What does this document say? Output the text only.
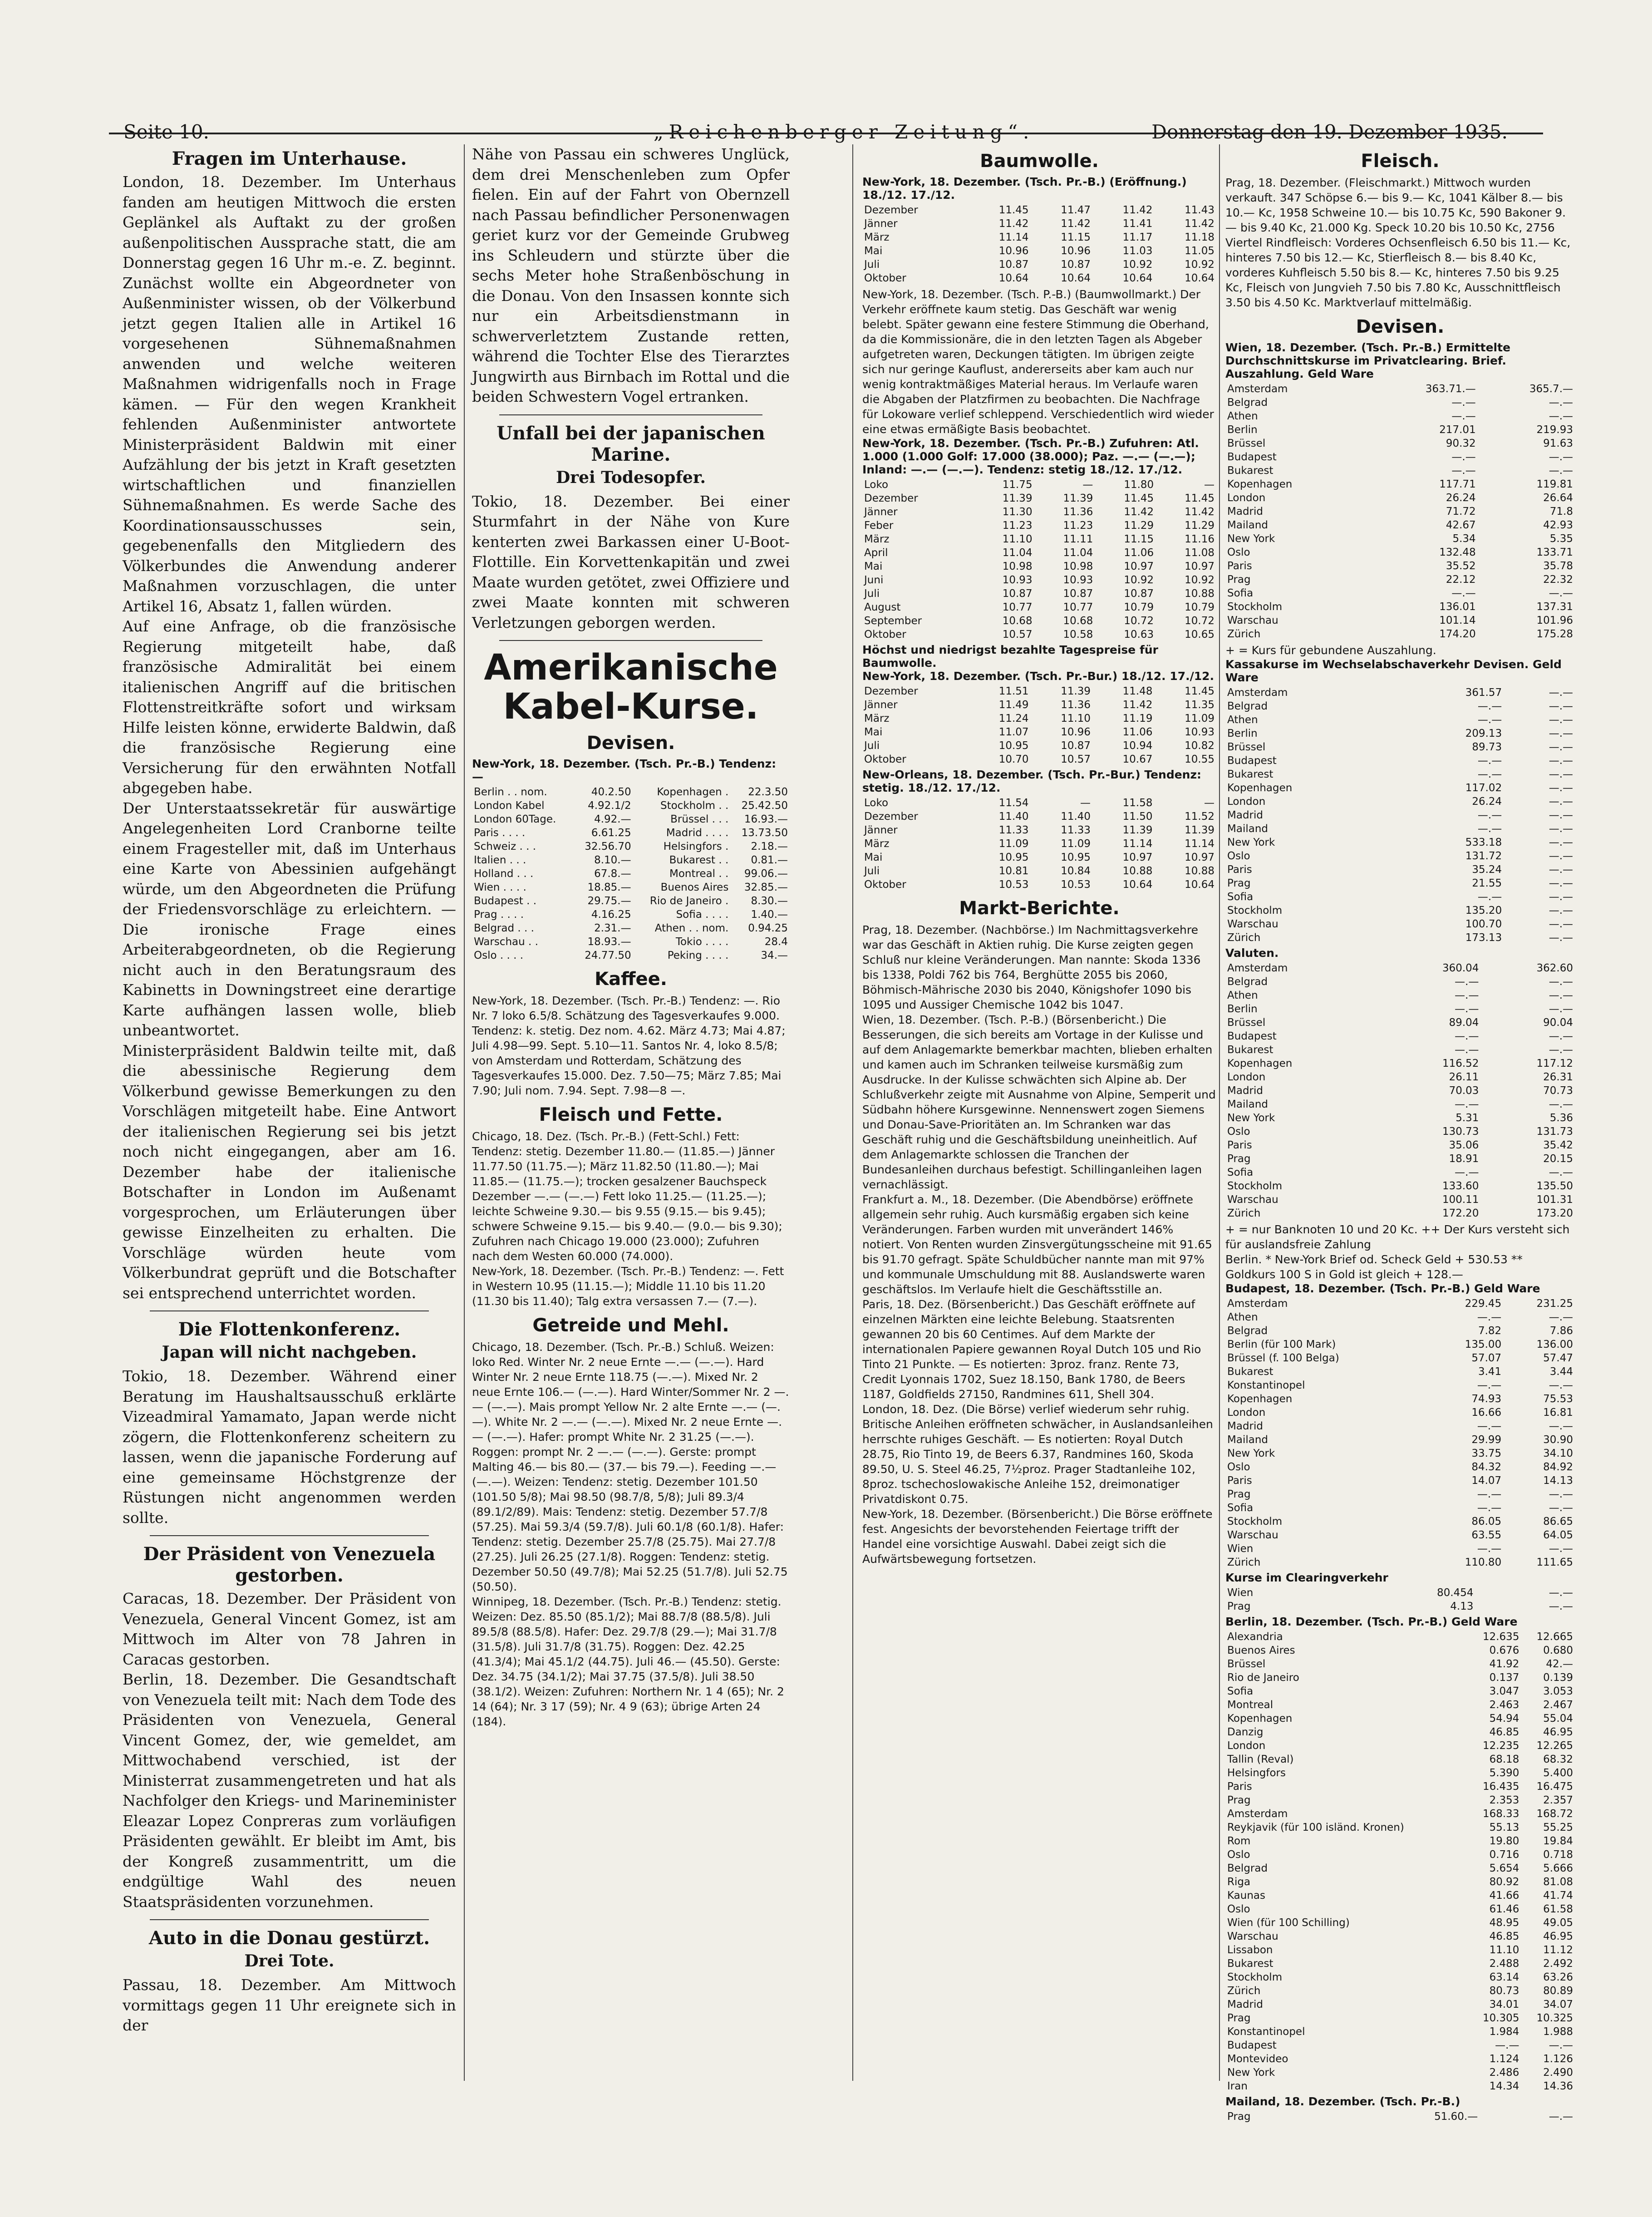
Seite 10.	„Reichenberger Zeitung“.	Donnerstag den 19. Dezember 1935.
Fragen im Unterhause.

London, 18. Dezember. Im Unterhaus fanden am heutigen Mittwoch die ersten Geplänkel als Auftakt zu der großen außenpolitischen Aussprache statt, die am Donnerstag gegen 16 Uhr m.-e. Z. beginnt. Zunächst wollte ein Abgeordneter von Außenminister wissen, ob der Völkerbund jetzt gegen Italien alle in Artikel 16 vorgesehenen Sühnemaßnahmen anwenden und welche weiteren Maßnahmen widrigenfalls noch in Frage kämen. — Für den wegen Krankheit fehlenden Außenminister antwortete Ministerpräsident Baldwin mit einer Aufzählung der bis jetzt in Kraft gesetzten wirtschaftlichen und finanziellen Sühnemaßnahmen. Es werde Sache des Koordinationsausschusses sein, gegebenenfalls den Mitgliedern des Völkerbundes die Anwendung anderer Maßnahmen vorzuschlagen, die unter Artikel 16, Absatz 1, fallen würden.

Auf eine Anfrage, ob die französische Regierung mitgeteilt habe, daß französische Admiralität bei einem italienischen Angriff auf die britischen Flottenstreitkräfte sofort und wirksam Hilfe leisten könne, erwiderte Baldwin, daß die französische Regierung eine Versicherung für den erwähnten Notfall abgegeben habe.

Der Unterstaatssekretär für auswärtige Angelegenheiten Lord Cranborne teilte einem Fragesteller mit, daß im Unterhaus eine Karte von Abessinien aufgehängt würde, um den Abgeordneten die Prüfung der Friedensvorschläge zu erleichtern. — Die ironische Frage eines Arbeiterabgeordneten, ob die Regierung nicht auch in den Beratungsraum des Kabinetts in Downingstreet eine derartige Karte aufhängen lassen wolle, blieb unbeantwortet.

Ministerpräsident Baldwin teilte mit, daß die abessinische Regierung dem Völkerbund gewisse Bemerkungen zu den Vorschlägen mitgeteilt habe. Eine Antwort der italienischen Regierung sei bis jetzt noch nicht eingegangen, aber am 16. Dezember habe der italienische Botschafter in London im Außenamt vorgesprochen, um Erläuterungen über gewisse Einzelheiten zu erhalten. Die Vorschläge würden heute vom Völkerbundrat geprüft und die Botschafter sei entsprechend unterrichtet worden.

Die Flottenkonferenz.
Japan will nicht nachgeben.

Tokio, 18. Dezember. Während einer Beratung im Haushaltsausschuß erklärte Vizeadmiral Yamamato, Japan werde nicht zögern, die Flottenkonferenz scheitern zu lassen, wenn die japanische Forderung auf eine gemeinsame Höchstgrenze der Rüstungen nicht angenommen werden sollte.

Der Präsident von Venezuela gestorben.

Caracas, 18. Dezember. Der Präsident von Venezuela, General Vincent Gomez, ist am Mittwoch im Alter von 78 Jahren in Caracas gestorben.

Berlin, 18. Dezember. Die Gesandtschaft von Venezuela teilt mit: Nach dem Tode des Präsidenten von Venezuela, General Vincent Gomez, der, wie gemeldet, am Mittwochabend verschied, ist der Ministerrat zusammengetreten und hat als Nachfolger den Kriegs- und Marineminister Eleazar Lopez Conpreras zum vorläufigen Präsidenten gewählt. Er bleibt im Amt, bis der Kongreß zusammentritt, um die endgültige Wahl des neuen Staatspräsidenten vorzunehmen.

Auto in die Donau gestürzt.
Drei Tote.

Passau, 18. Dezember. Am Mittwoch vormittags gegen 11 Uhr ereignete sich in der

Nähe von Passau ein schweres Unglück, dem drei Menschenleben zum Opfer fielen. Ein auf der Fahrt von Obernzell nach Passau befindlicher Personenwagen geriet kurz vor der Gemeinde Grubweg ins Schleudern und stürzte über die sechs Meter hohe Straßenböschung in die Donau. Von den Insassen konnte sich nur ein Arbeitsdienstmann in schwerverletztem Zustande retten, während die Tochter Else des Tierarztes Jungwirth aus Birnbach im Rottal und die beiden Schwestern Vogel ertranken.

Unfall bei der japanischen Marine.
Drei Todesopfer.

Tokio, 18. Dezember. Bei einer Sturmfahrt in der Nähe von Kure kenterten zwei Barkassen einer U-Boot-Flottille. Ein Korvettenkapitän und zwei Maate wurden getötet, zwei Offiziere und zwei Maate konnten mit schweren Verletzungen geborgen werden.

Amerikanische Kabel-Kurse.
Devisen.
New-York, 18. Dezember. (Tsch. Pr.-B.) Tendenz: —
Berlin . . nom.	40.2.50	Kopenhagen .	22.3.50
London Kabel	4.92.1/2	Stockholm . .	25.42.50
London 60Tage.	4.92.—	Brüssel . . .	16.93.—
Paris . . . .	6.61.25	Madrid . . . .	13.73.50
Schweiz . . .	32.56.70	Helsingfors .	2.18.—
Italien . . .	8.10.—	Bukarest . .	0.81.—
Holland . . .	67.8.—	Montreal . .	99.06.—
Wien . . . .	18.85.—	Buenos Aires	32.85.—
Budapest . .	29.75.—	Rio de Janeiro .	8.30.—
Prag . . . .	4.16.25	Sofia . . . .	1.40.—
Belgrad . . .	2.31.—	Athen . . nom.	0.94.25
Warschau . .	18.93.—	Tokio . . . .	28.4
Oslo . . . .	24.77.50	Peking . . . .	34.—
Kaffee.

New-York, 18. Dezember. (Tsch. Pr.-B.) Tendenz: —. Rio Nr. 7 loko 6.5/8. Schätzung des Tagesverkaufes 9.000. Tendenz: k. stetig. Dez nom. 4.62. März 4.73; Mai 4.87; Juli 4.98—99. Sept. 5.10—11. Santos Nr. 4, loko 8.5/8; von Amsterdam und Rotterdam, Schätzung des Tagesverkaufes 15.000. Dez. 7.50—75; März 7.85; Mai 7.90; Juli nom. 7.94. Sept. 7.98—8 —.

Fleisch und Fette.

Chicago, 18. Dez. (Tsch. Pr.-B.) (Fett-Schl.) Fett: Tendenz: stetig. Dezember 11.80.— (11.85.—) Jänner 11.77.50 (11.75.—); März 11.82.50 (11.80.—); Mai 11.85.— (11.75.—); trocken gesalzener Bauchspeck Dezember —.— (—.—) Fett loko 11.25.— (11.25.—); leichte Schweine 9.30.— bis 9.55 (9.15.— bis 9.45); schwere Schweine 9.15.— bis 9.40.— (9.0.— bis 9.30); Zufuhren nach Chicago 19.000 (23.000); Zufuhren nach dem Westen 60.000 (74.000).

New-York, 18. Dezember. (Tsch. Pr.-B.) Tendenz: —. Fett in Western 10.95 (11.15.—); Middle 11.10 bis 11.20 (11.30 bis 11.40); Talg extra versassen 7.— (7.—).

Getreide und Mehl.

Chicago, 18. Dezember. (Tsch. Pr.-B.) Schluß. Weizen: loko Red. Winter Nr. 2 neue Ernte —.— (—.—). Hard Winter Nr. 2 neue Ernte 118.75 (—.—). Mixed Nr. 2 neue Ernte 106.— (—.—). Hard Winter/Sommer Nr. 2 —.— (—.—). Mais prompt Yellow Nr. 2 alte Ernte —.— (—.—). White Nr. 2 —.— (—.—). Mixed Nr. 2 neue Ernte —.— (—.—). Hafer: prompt White Nr. 2 31.25 (—.—). Roggen: prompt Nr. 2 —.— (—.—). Gerste: prompt Malting 46.— bis 80.— (37.— bis 79.—). Feeding —.— (—.—). Weizen: Tendenz: stetig. Dezember 101.50 (101.50 5/8); Mai 98.50 (98.7/8, 5/8); Juli 89.3/4 (89.1/2/89). Mais: Tendenz: stetig. Dezember 57.7/8 (57.25). Mai 59.3/4 (59.7/8). Juli 60.1/8 (60.1/8). Hafer: Tendenz: stetig. Dezember 25.7/8 (25.75). Mai 27.7/8 (27.25). Juli 26.25 (27.1/8). Roggen: Tendenz: stetig. Dezember 50.50 (49.7/8); Mai 52.25 (51.7/8). Juli 52.75 (50.50).

Winnipeg, 18. Dezember. (Tsch. Pr.-B.) Tendenz: stetig. Weizen: Dez. 85.50 (85.1/2); Mai 88.7/8 (88.5/8). Juli 89.5/8 (88.5/8). Hafer: Dez. 29.7/8 (29.—); Mai 31.7/8 (31.5/8). Juli 31.7/8 (31.75). Roggen: Dez. 42.25 (41.3/4); Mai 45.1/2 (44.75). Juli 46.— (45.50). Gerste: Dez. 34.75 (34.1/2); Mai 37.75 (37.5/8). Juli 38.50 (38.1/2). Weizen: Zufuhren: Northern Nr. 1 4 (65); Nr. 2 14 (64); Nr. 3 17 (59); Nr. 4 9 (63); übrige Arten 24 (184).

Baumwolle.
New-York, 18. Dezember. (Tsch. Pr.-B.) (Eröffnung.) 18./12. 17./12.
Dezember	11.45	11.47	11.42	11.43
Jänner	11.42	11.42	11.41	11.42
März	11.14	11.15	11.17	11.18
Mai	10.96	10.96	11.03	11.05
Juli	10.87	10.87	10.92	10.92
Oktober	10.64	10.64	10.64	10.64

New-York, 18. Dezember. (Tsch. P.-B.) (Baumwollmarkt.) Der Verkehr eröffnete kaum stetig. Das Geschäft war wenig belebt. Später gewann eine festere Stimmung die Oberhand, da die Kommissionäre, die in den letzten Tagen als Abgeber aufgetreten waren, Deckungen tätigten. Im übrigen zeigte sich nur geringe Kauflust, andererseits aber kam auch nur wenig kontraktmäßiges Material heraus. Im Verlaufe waren die Abgaben der Platzfirmen zu beobachten. Die Nachfrage für Lokoware verlief schleppend. Verschiedentlich wird wieder eine etwas ermäßigte Basis beobachtet.

New-York, 18. Dezember. (Tsch. Pr.-B.) Zufuhren: Atl. 1.000 (1.000 Golf: 17.000 (38.000); Paz. —.— (—.—); Inland: —.— (—.—). Tendenz: stetig 18./12. 17./12.
Loko	11.75	—	11.80	—
Dezember	11.39	11.39	11.45	11.45
Jänner	11.30	11.36	11.42	11.42
Feber	11.23	11.23	11.29	11.29
März	11.10	11.11	11.15	11.16
April	11.04	11.04	11.06	11.08
Mai	10.98	10.98	10.97	10.97
Juni	10.93	10.93	10.92	10.92
Juli	10.87	10.87	10.87	10.88
August	10.77	10.77	10.79	10.79
September	10.68	10.68	10.72	10.72
Oktober	10.57	10.58	10.63	10.65
Höchst und niedrigst bezahlte Tagespreise für Baumwolle.
New-York, 18. Dezember. (Tsch. Pr.-Bur.) 18./12. 17./12.
Dezember	11.51	11.39	11.48	11.45
Jänner	11.49	11.36	11.42	11.35
März	11.24	11.10	11.19	11.09
Mai	11.07	10.96	11.06	10.93
Juli	10.95	10.87	10.94	10.82
Oktober	10.70	10.57	10.67	10.55
New-Orleans, 18. Dezember. (Tsch. Pr.-Bur.) Tendenz: stetig. 18./12. 17./12.
Loko	11.54	—	11.58	—
Dezember	11.40	11.40	11.50	11.52
Jänner	11.33	11.33	11.39	11.39
März	11.09	11.09	11.14	11.14
Mai	10.95	10.95	10.97	10.97
Juli	10.81	10.84	10.88	10.88
Oktober	10.53	10.53	10.64	10.64
Markt-Berichte.

Prag, 18. Dezember. (Nachbörse.) Im Nachmittagsverkehre war das Geschäft in Aktien ruhig. Die Kurse zeigten gegen Schluß nur kleine Veränderungen. Man nannte: Skoda 1336 bis 1338, Poldi 762 bis 764, Berghütte 2055 bis 2060, Böhmisch-Mährische 2030 bis 2040, Königshofer 1090 bis 1095 und Aussiger Chemische 1042 bis 1047.

Wien, 18. Dezember. (Tsch. P.-B.) (Börsenbericht.) Die Besserungen, die sich bereits am Vortage in der Kulisse und auf dem Anlagemarkte bemerkbar machten, blieben erhalten und kamen auch im Schranken teilweise kursmäßig zum Ausdrucke. In der Kulisse schwächten sich Alpine ab. Der Schlußverkehr zeigte mit Ausnahme von Alpine, Semperit und Südbahn höhere Kursgewinne. Nennenswert zogen Siemens und Donau-Save-Prioritäten an. Im Schranken war das Geschäft ruhig und die Geschäftsbildung uneinheitlich. Auf dem Anlagemarkte schlossen die Tranchen der Bundesanleihen durchaus befestigt. Schillinganleihen lagen vernachlässigt.

Frankfurt a. M., 18. Dezember. (Die Abendbörse) eröffnete allgemein sehr ruhig. Auch kursmäßig ergaben sich keine Veränderungen. Farben wurden mit unverändert 146% notiert. Von Renten wurden Zinsvergütungsscheine mit 91.65 bis 91.70 gefragt. Späte Schuldbücher nannte man mit 97% und kommunale Umschuldung mit 88. Auslandswerte waren geschäftslos. Im Verlaufe hielt die Geschäftsstille an.

Paris, 18. Dez. (Börsenbericht.) Das Geschäft eröffnete auf einzelnen Märkten eine leichte Belebung. Staatsrenten gewannen 20 bis 60 Centimes. Auf dem Markte der internationalen Papiere gewannen Royal Dutch 105 und Rio Tinto 21 Punkte. — Es notierten: 3proz. franz. Rente 73, Credit Lyonnais 1702, Suez 18.150, Bank 1780, de Beers 1187, Goldfields 27150, Randmines 611, Shell 304.

London, 18. Dez. (Die Börse) verlief wiederum sehr ruhig. Britische Anleihen eröffneten schwächer, in Auslandsanleihen herrschte ruhiges Geschäft. — Es notierten: Royal Dutch 28.75, Rio Tinto 19, de Beers 6.37, Randmines 160, Skoda 89.50, U. S. Steel 46.25, 7½proz. Prager Stadtanleihe 102, 8proz. tschechoslowakische Anleihe 152, dreimonatiger Privatdiskont 0.75.

New-York, 18. Dezember. (Börsenbericht.) Die Börse eröffnete fest. Angesichts der bevorstehenden Feiertage trifft der Handel eine vorsichtige Auswahl. Dabei zeigt sich die Aufwärtsbewegung fortsetzen.

Fleisch.

Prag, 18. Dezember. (Fleischmarkt.) Mittwoch wurden verkauft. 347 Schöpse 6.— bis 9.— Kc, 1041 Kälber 8.— bis 10.— Kc, 1958 Schweine 10.— bis 10.75 Kc, 590 Bakoner 9.— bis 9.40 Kc, 21.000 Kg. Speck 10.20 bis 10.50 Kc, 2756 Viertel Rindfleisch: Vorderes Ochsenfleisch 6.50 bis 11.— Kc, hinteres 7.50 bis 12.— Kc, Stierfleisch 8.— bis 8.40 Kc, vorderes Kuhfleisch 5.50 bis 8.— Kc, hinteres 7.50 bis 9.25 Kc, Fleisch von Jungvieh 7.50 bis 7.80 Kc, Ausschnittfleisch 3.50 bis 4.50 Kc. Marktverlauf mittelmäßig.

Devisen.
Wien, 18. Dezember. (Tsch. Pr.-B.) Ermittelte Durchschnittskurse im Privatclearing. Brief. Auszahlung. Geld Ware
Amsterdam	363.71.—	365.7.—
Belgrad	—.—	—.—
Athen	—.—	—.—
Berlin	217.01	219.93
Brüssel	90.32	91.63
Budapest	—.—	—.—
Bukarest	—.—	—.—
Kopenhagen	117.71	119.81
London	26.24	26.64
Madrid	71.72	71.8
Mailand	42.67	42.93
New York	5.34	5.35
Oslo	132.48	133.71
Paris	35.52	35.78
Prag	22.12	22.32
Sofia	—.—	—.—
Stockholm	136.01	137.31
Warschau	101.14	101.96
Zürich	174.20	175.28
+ = Kurs für gebundene Auszahlung.
Kassakurse im Wechselabschaverkehr Devisen. Geld Ware
Amsterdam	361.57	—.—
Belgrad	—.—	—.—
Athen	—.—	—.—
Berlin	209.13	—.—
Brüssel	89.73	—.—
Budapest	—.—	—.—
Bukarest	—.—	—.—
Kopenhagen	117.02	—.—
London	26.24	—.—
Madrid	—.—	—.—
Mailand	—.—	—.—
New York	533.18	—.—
Oslo	131.72	—.—
Paris	35.24	—.—
Prag	21.55	—.—
Sofia	—.—	—.—
Stockholm	135.20	—.—
Warschau	100.70	—.—
Zürich	173.13	—.—
Valuten.
Amsterdam	360.04	362.60
Belgrad	—.—	—.—
Athen	—.—	—.—
Berlin	—.—	—.—
Brüssel	89.04	90.04
Budapest	—.—	—.—
Bukarest	—.—	—.—
Kopenhagen	116.52	117.12
London	26.11	26.31
Madrid	70.03	70.73
Mailand	—.—	—.—
New York	5.31	5.36
Oslo	130.73	131.73
Paris	35.06	35.42
Prag	18.91	20.15
Sofia	—.—	—.—
Stockholm	133.60	135.50
Warschau	100.11	101.31
Zürich	172.20	173.20
+ = nur Banknoten 10 und 20 Kc. ++ Der Kurs versteht sich für auslandsfreie Zahlung
Berlin. * New-York Brief od. Scheck Geld + 530.53 ** Goldkurs 100 S in Gold ist gleich + 128.—
Budapest, 18. Dezember. (Tsch. Pr.-B.) Geld Ware
Amsterdam	229.45	231.25
Athen	—.—	—.—
Belgrad	7.82	7.86
Berlin (für 100 Mark)	135.00	136.00
Brüssel (f. 100 Belga)	57.07	57.47
Bukarest	3.41	3.44
Konstantinopel	—.—	—.—
Kopenhagen	74.93	75.53
London	16.66	16.81
Madrid	—.—	—.—
Mailand	29.99	30.90
New York	33.75	34.10
Oslo	84.32	84.92
Paris	14.07	14.13
Prag	—.—	—.—
Sofia	—.—	—.—
Stockholm	86.05	86.65
Warschau	63.55	64.05
Wien	—.—	—.—
Zürich	110.80	111.65
Kurse im Clearingverkehr
Wien	80.454	—.—
Prag	4.13	—.—
Berlin, 18. Dezember. (Tsch. Pr.-B.) Geld Ware
Alexandria	12.635	12.665
Buenos Aires	0.676	0.680
Brüssel	41.92	42.—
Rio de Janeiro	0.137	0.139
Sofia	3.047	3.053
Montreal	2.463	2.467
Kopenhagen	54.94	55.04
Danzig	46.85	46.95
London	12.235	12.265
Tallin (Reval)	68.18	68.32
Helsingfors	5.390	5.400
Paris	16.435	16.475
Prag	2.353	2.357
Amsterdam	168.33	168.72
Reykjavik (für 100 isländ. Kronen)	55.13	55.25
Rom	19.80	19.84
Oslo	0.716	0.718
Belgrad	5.654	5.666
Riga	80.92	81.08
Kaunas	41.66	41.74
Oslo	61.46	61.58
Wien (für 100 Schilling)	48.95	49.05
Warschau	46.85	46.95
Lissabon	11.10	11.12
Bukarest	2.488	2.492
Stockholm	63.14	63.26
Zürich	80.73	80.89
Madrid	34.01	34.07
Prag	10.305	10.325
Konstantinopel	1.984	1.988
Budapest	—.—	—.—
Montevideo	1.124	1.126
New York	2.486	2.490
Iran	14.34	14.36
Mailand, 18. Dezember. (Tsch. Pr.-B.)
Prag	51.60.—	—.—
